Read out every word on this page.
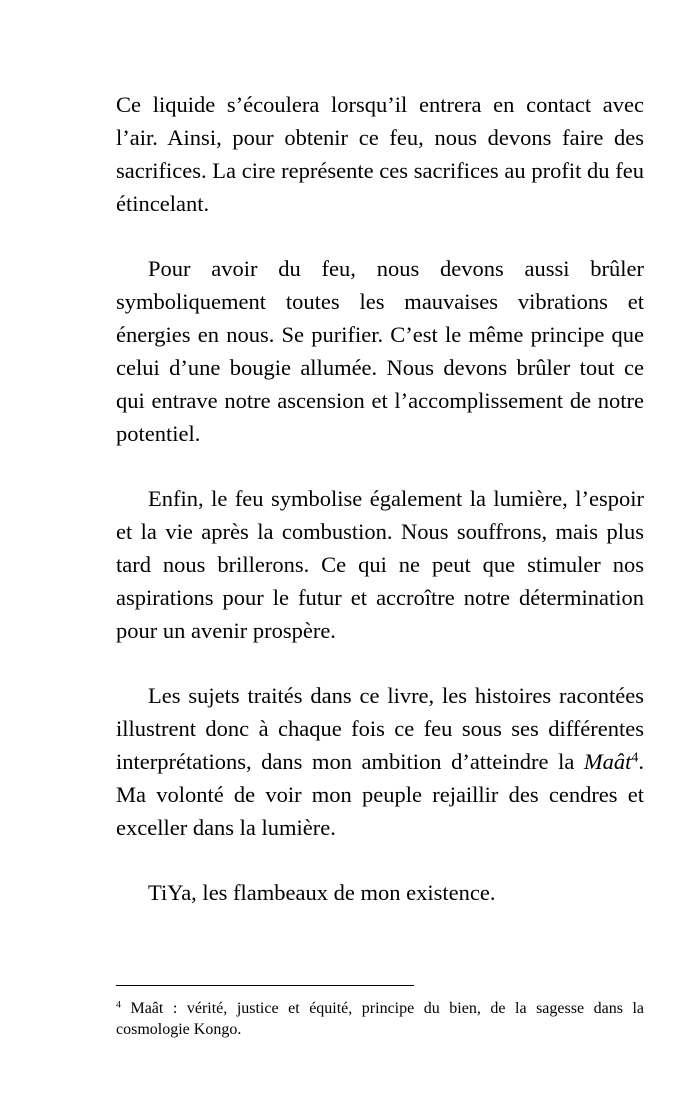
Ce liquide s’écoulera lorsqu’il entrera en contact avec l’air. Ainsi, pour obtenir ce feu, nous devons faire des sacrifices. La cire représente ces sacrifices au profit du feu étincelant.

Pour avoir du feu, nous devons aussi brûler symboliquement toutes les mauvaises vibrations et énergies en nous. Se purifier. C’est le même principe que celui d’une bougie allumée. Nous devons brûler tout ce qui entrave notre ascension et l’accomplissement de notre potentiel.

Enfin, le feu symbolise également la lumière, l’espoir et la vie après la combustion. Nous souffrons, mais plus tard nous brillerons. Ce qui ne peut que stimuler nos aspirations pour le futur et accroître notre détermination pour un avenir prospère.

Les sujets traités dans ce livre, les histoires racontées illustrent donc à chaque fois ce feu sous ses différentes interprétations, dans mon ambition d’atteindre la Maât$^4$. Ma volonté de voir mon peuple rejaillir des cendres et exceller dans la lumière.

TiYa, les flambeaux de mon existence.

$^4$ Maât : vérité, justice et équité, principe du bien, de la sagesse dans la cosmologie Kongo.
